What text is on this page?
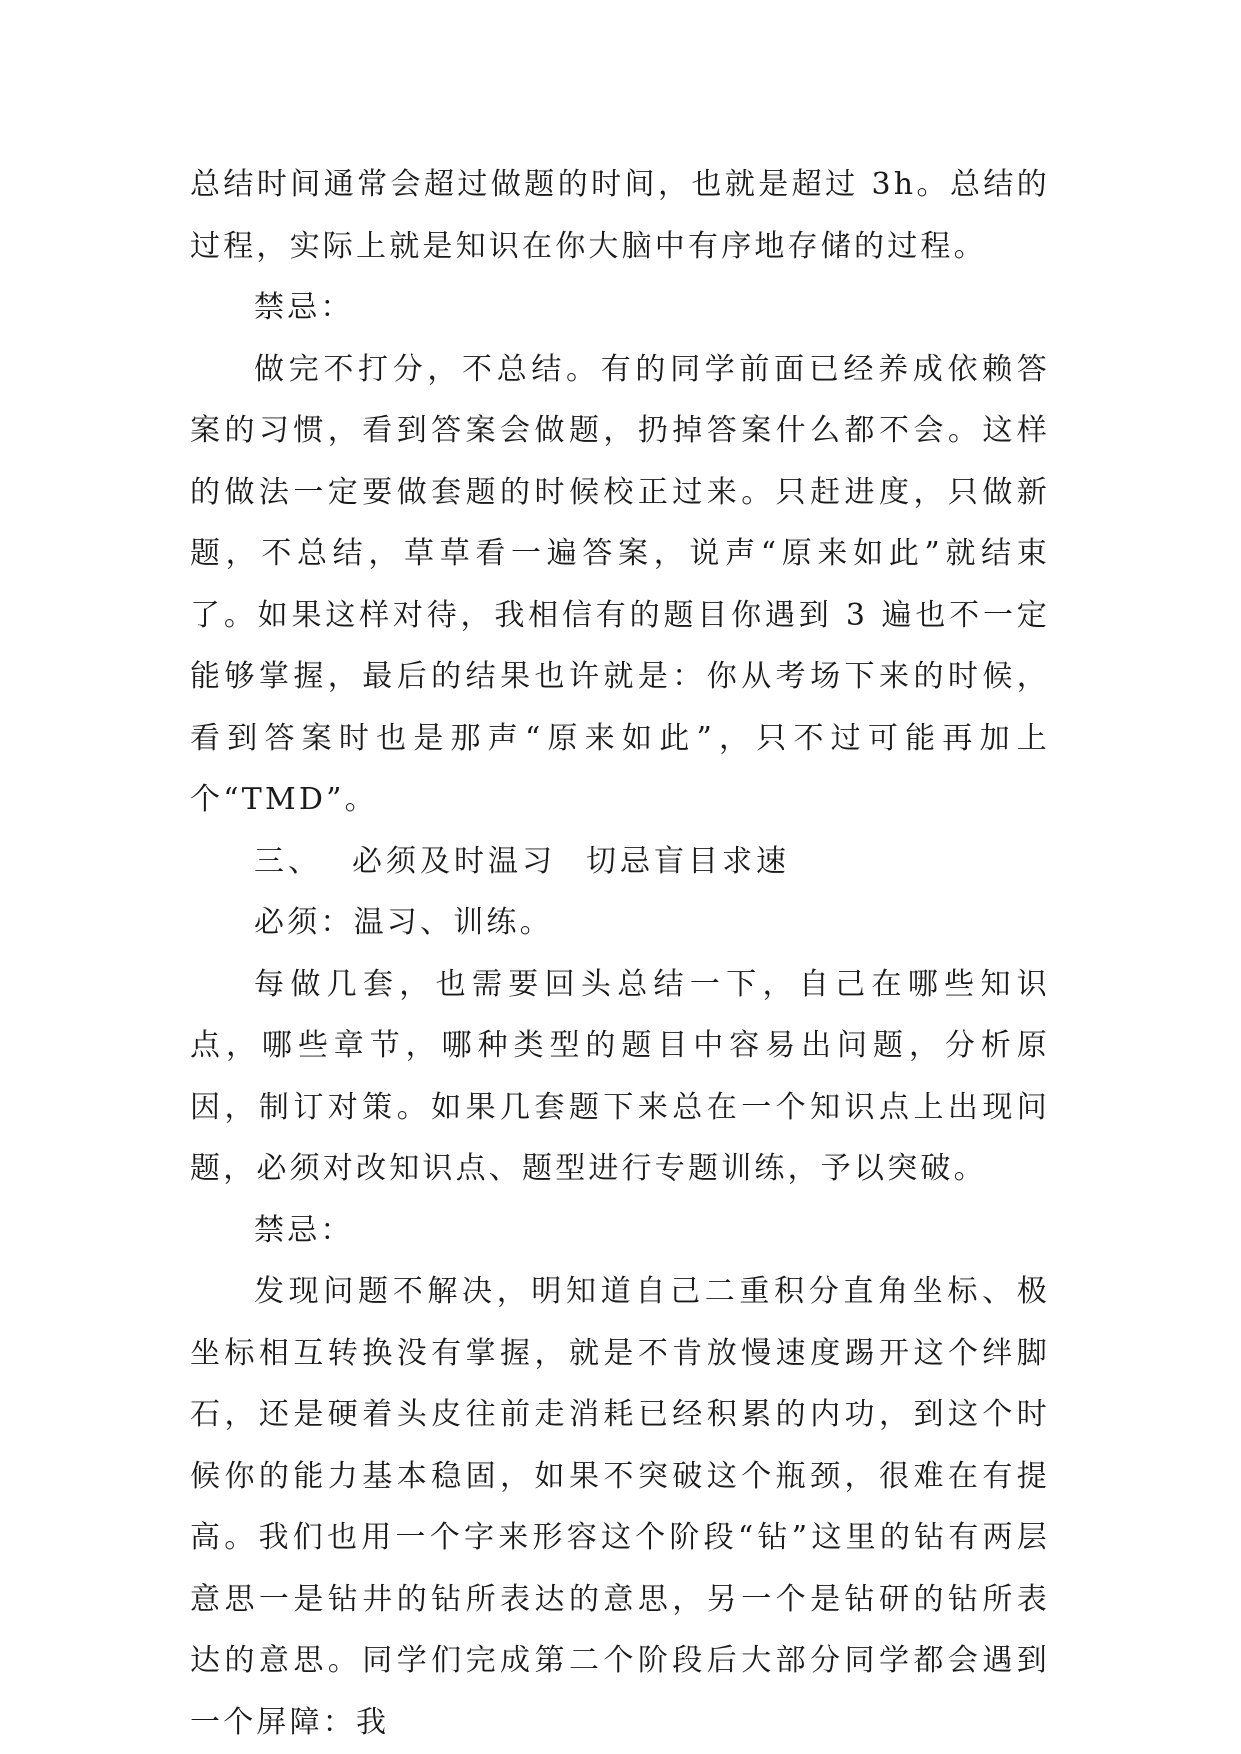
总结时间通常会超过做题的时间，也就是超过 3h。总结的过程，实际上就是知识在你大脑中有序地存储的过程。

禁忌：

做完不打分，不总结。有的同学前面已经养成依赖答案的习惯，看到答案会做题，扔掉答案什么都不会。这样的做法一定要做套题的时候校正过来。只赶进度，只做新题，不总结，草草看一遍答案，说声“原来如此”就结束了。如果这样对待，我相信有的题目你遇到 3 遍也不一定能够掌握，最后的结果也许就是：你从考场下来的时候，看到答案时也是那声“原来如此”，只不过可能再加上个“TMD”。

三、 必须及时温习 切忌盲目求速

必须：温习、训练。

每做几套，也需要回头总结一下，自己在哪些知识点，哪些章节，哪种类型的题目中容易出问题，分析原因，制订对策。如果几套题下来总在一个知识点上出现问题，必须对改知识点、题型进行专题训练，予以突破。

禁忌：

发现问题不解决，明知道自己二重积分直角坐标、极坐标相互转换没有掌握，就是不肯放慢速度踢开这个绊脚石，还是硬着头皮往前走消耗已经积累的内功，到这个时候你的能力基本稳固，如果不突破这个瓶颈，很难在有提高。我们也用一个字来形容这个阶段“钻”这里的钻有两层意思一是钻井的钻所表达的意思，另一个是钻研的钻所表达的意思。同学们完成第二个阶段后大部分同学都会遇到一个屏障：我
